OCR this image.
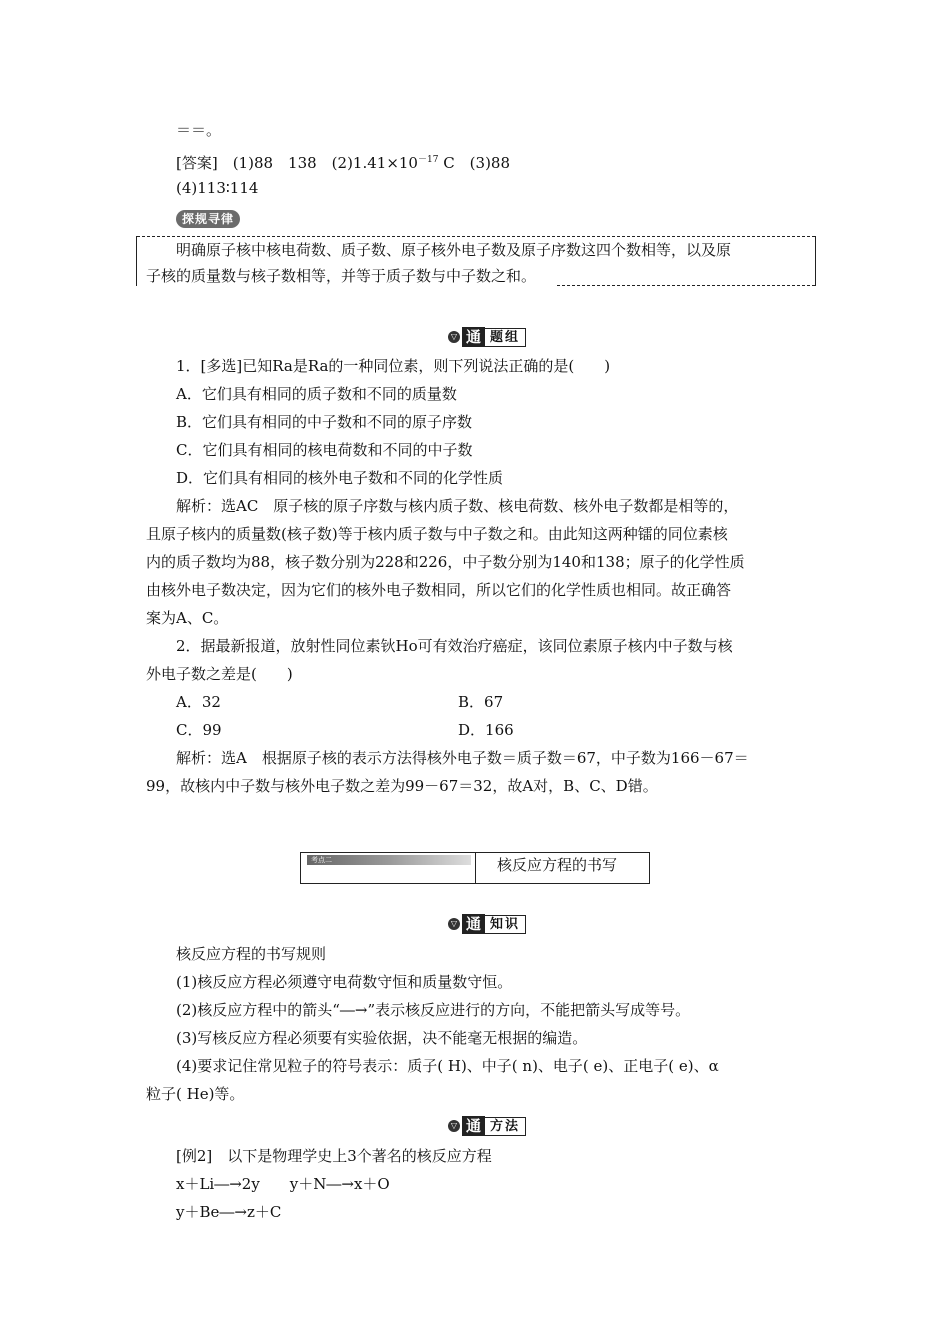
＝＝。
[答案]　(1)88　138　$(2)1.41\times 10^{-17}$ C　(3)88
(4)113∶114
探规寻律
明确原子核中核电荷数、质子数、原子核外电子数及原子序数这四个数相等，以及原
子核的质量数与核子数相等，并等于质子数与中子数之和。
▽ 通 题组
1．[多选]已知Ra是Ra的一种同位素，则下列说法正确的是(　　)
A．它们具有相同的质子数和不同的质量数
B．它们具有相同的中子数和不同的原子序数
C．它们具有相同的核电荷数和不同的中子数
D．它们具有相同的核外电子数和不同的化学性质
解析：选AC　原子核的原子序数与核内质子数、核电荷数、核外电子数都是相等的，
且原子核内的质量数(核子数)等于核内质子数与中子数之和。由此知这两种镭的同位素核
内的质子数均为88，核子数分别为228和226，中子数分别为140和138；原子的化学性质
由核外电子数决定，因为它们的核外电子数相同，所以它们的化学性质也相同。故正确答
案为A、C。
2．据最新报道，放射性同位素钬Ho可有效治疗癌症，该同位素原子核内中子数与核
外电子数之差是(　　)
A．32	B．67
C．99	D．166
解析：选A　根据原子核的表示方法得核外电子数＝质子数＝67，中子数为166－67＝
99，故核内中子数与核外电子数之差为99－67＝32，故A对，B、C、D错。
考点二	核反应方程的书写
▽ 通 知识
核反应方程的书写规则
(1)核反应方程必须遵守电荷数守恒和质量数守恒。
(2)核反应方程中的箭头“―→”表示核反应进行的方向，不能把箭头写成等号。
(3)写核反应方程必须要有实验依据，决不能毫无根据的编造。
(4)要求记住常见粒子的符号表示：质子( H)、中子( n)、电子( e)、正电子( e)、α
粒子( He)等。
▽ 通 方法
[例2]　以下是物理学史上3个著名的核反应方程
x＋Li―→2y　　y＋N―→x＋O
y＋Be―→z＋C
